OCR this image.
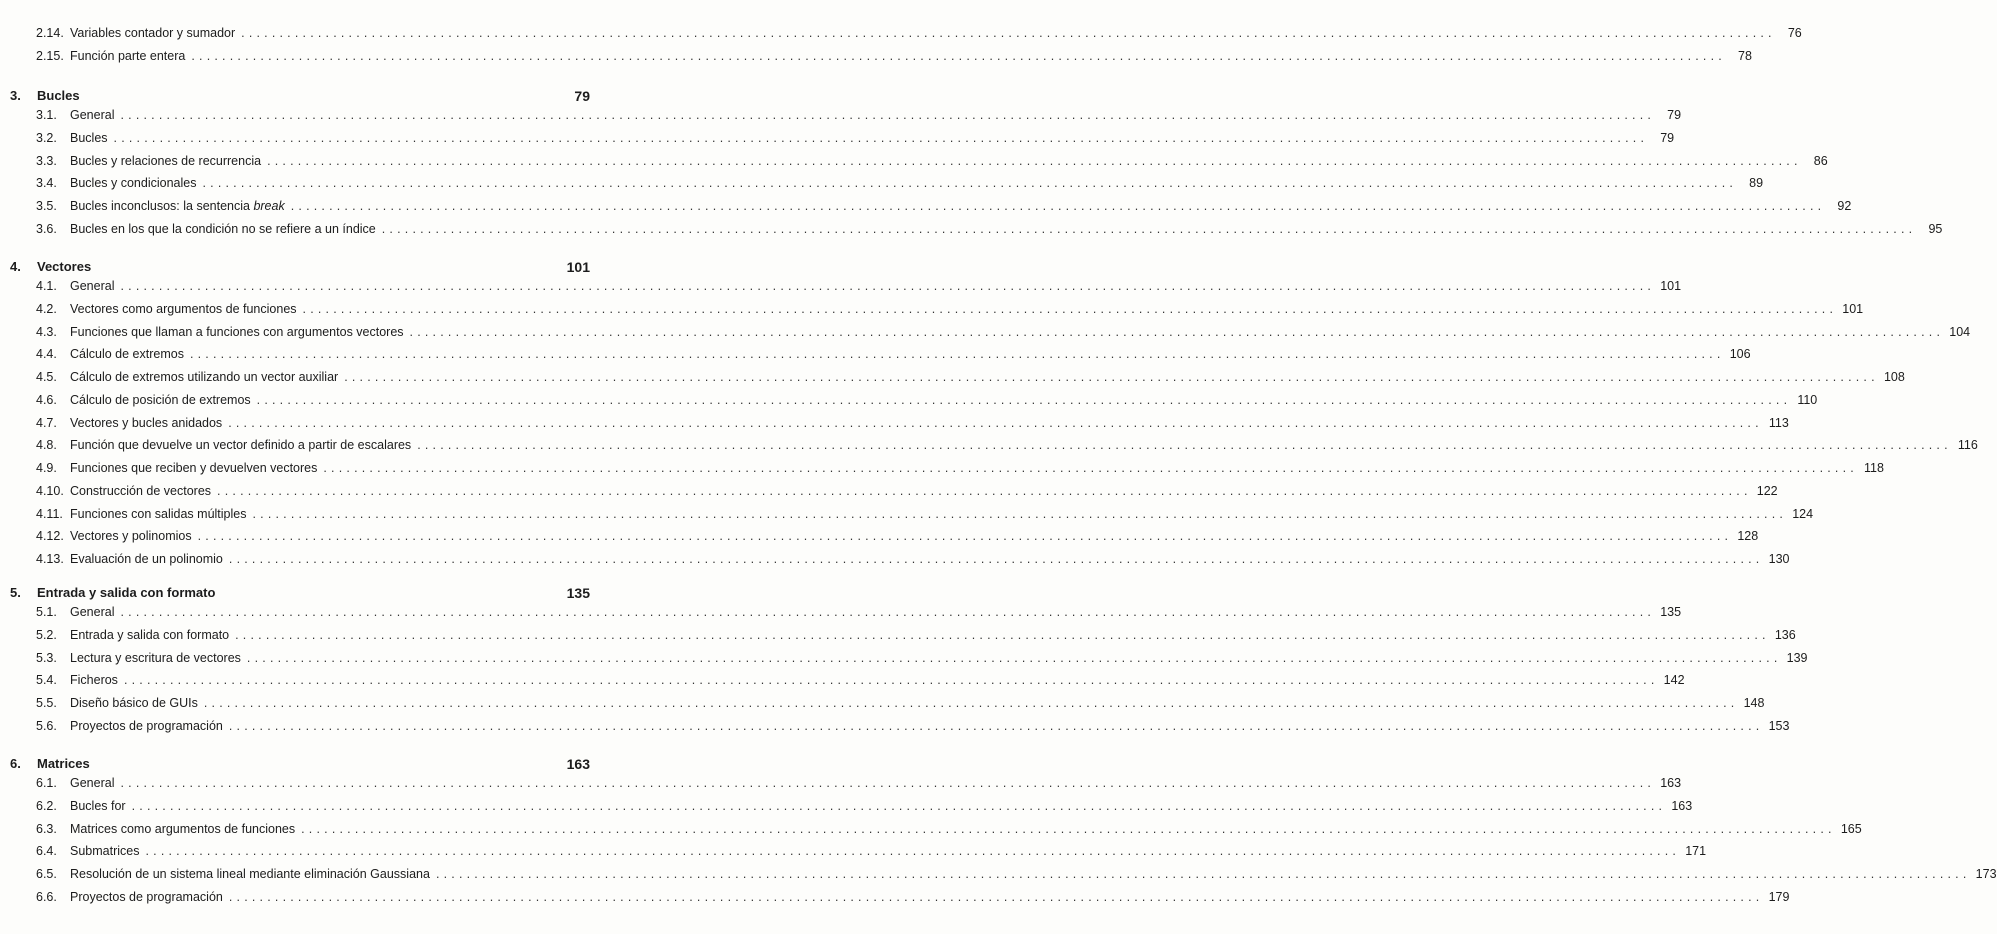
2.14. Variables contador y sumador ........................................................................................................................................................................................................ 76
2.15. Función parte entera ........................................................................................................................................................................................................ 78
3. Bucles	79
3.1.	General ........................................................................................................................................................................................................ 79
3.2.	Bucles ........................................................................................................................................................................................................ 79
3.3.	Bucles y relaciones de recurrencia ........................................................................................................................................................................................................ 86
3.4.	Bucles y condicionales ........................................................................................................................................................................................................ 89
3.5.	Bucles inconclusos: la sentencia break ........................................................................................................................................................................................................ 92
3.6.	Bucles en los que la condición no se refiere a un índice ........................................................................................................................................................................................................ 95
4. Vectores	101
4.1.	General ........................................................................................................................................................................................................ 101
4.2.	Vectores como argumentos de funciones ........................................................................................................................................................................................................ 101
4.3.	Funciones que llaman a funciones con argumentos vectores ........................................................................................................................................................................................................ 104
4.4.	Cálculo de extremos ........................................................................................................................................................................................................ 106
4.5.	Cálculo de extremos utilizando un vector auxiliar ........................................................................................................................................................................................................ 108
4.6.	Cálculo de posición de extremos ........................................................................................................................................................................................................ 110
4.7.	Vectores y bucles anidados ........................................................................................................................................................................................................ 113
4.8.	Función que devuelve un vector definido a partir de escalares ........................................................................................................................................................................................................ 116
4.9.	Funciones que reciben y devuelven vectores ........................................................................................................................................................................................................ 118
4.10. Construcción de vectores ........................................................................................................................................................................................................ 122
4.11. Funciones con salidas múltiples ........................................................................................................................................................................................................ 124
4.12. Vectores y polinomios ........................................................................................................................................................................................................ 128
4.13. Evaluación de un polinomio ........................................................................................................................................................................................................ 130
5. Entrada y salida con formato	135
5.1.	General ........................................................................................................................................................................................................ 135
5.2.	Entrada y salida con formato ........................................................................................................................................................................................................ 136
5.3.	Lectura y escritura de vectores ........................................................................................................................................................................................................ 139
5.4.	Ficheros ........................................................................................................................................................................................................ 142
5.5.	Diseño básico de GUIs ........................................................................................................................................................................................................ 148
5.6.	Proyectos de programación ........................................................................................................................................................................................................ 153
6. Matrices	163
6.1.	General ........................................................................................................................................................................................................ 163
6.2.	Bucles for ........................................................................................................................................................................................................ 163
6.3.	Matrices como argumentos de funciones ........................................................................................................................................................................................................ 165
6.4.	Submatrices ........................................................................................................................................................................................................ 171
6.5.	Resolución de un sistema lineal mediante eliminación Gaussiana ........................................................................................................................................................................................................ 173
6.6.	Proyectos de programación ........................................................................................................................................................................................................ 179
